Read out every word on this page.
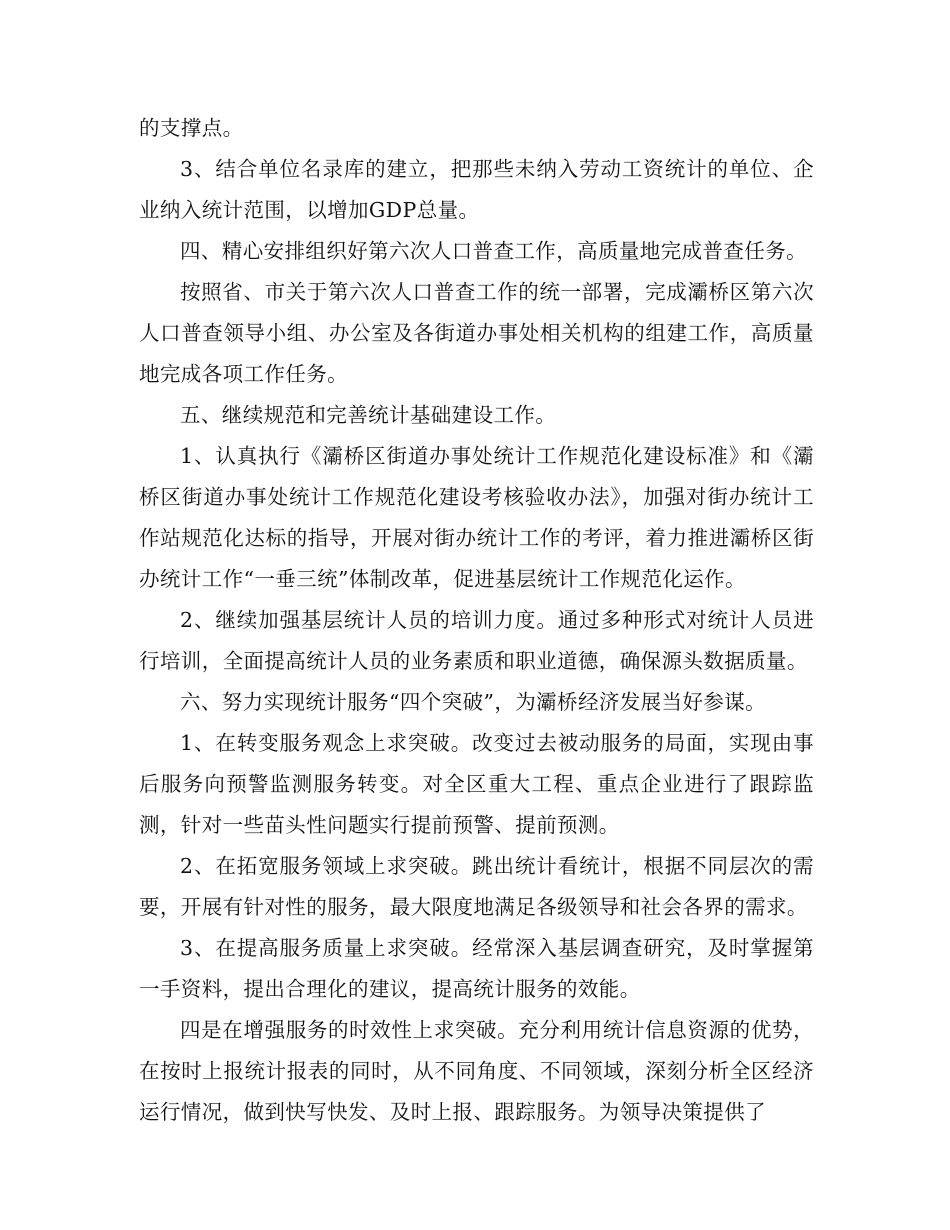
的支撑点。

3、结合单位名录库的建立，把那些未纳入劳动工资统计的单位、企业纳入统计范围，以增加GDP总量。

四、精心安排组织好第六次人口普查工作，高质量地完成普查任务。

按照省、市关于第六次人口普查工作的统一部署，完成灞桥区第六次人口普查领导小组、办公室及各街道办事处相关机构的组建工作，高质量地完成各项工作任务。

五、继续规范和完善统计基础建设工作。

1、认真执行《灞桥区街道办事处统计工作规范化建设标准》和《灞桥区街道办事处统计工作规范化建设考核验收办法》，加强对街办统计工作站规范化达标的指导，开展对街办统计工作的考评，着力推进灞桥区街办统计工作“一垂三统”体制改革，促进基层统计工作规范化运作。

2、继续加强基层统计人员的培训力度。通过多种形式对统计人员进行培训，全面提高统计人员的业务素质和职业道德，确保源头数据质量。

六、努力实现统计服务“四个突破”，为灞桥经济发展当好参谋。

1、在转变服务观念上求突破。改变过去被动服务的局面，实现由事后服务向预警监测服务转变。对全区重大工程、重点企业进行了跟踪监测，针对一些苗头性问题实行提前预警、提前预测。

2、在拓宽服务领域上求突破。跳出统计看统计，根据不同层次的需要，开展有针对性的服务，最大限度地满足各级领导和社会各界的需求。

3、在提高服务质量上求突破。经常深入基层调查研究，及时掌握第一手资料，提出合理化的建议，提高统计服务的效能。

四是在增强服务的时效性上求突破。充分利用统计信息资源的优势，在按时上报统计报表的同时，从不同角度、不同领域，深刻分析全区经济运行情况，做到快写快发、及时上报、跟踪服务。为领导决策提供了
